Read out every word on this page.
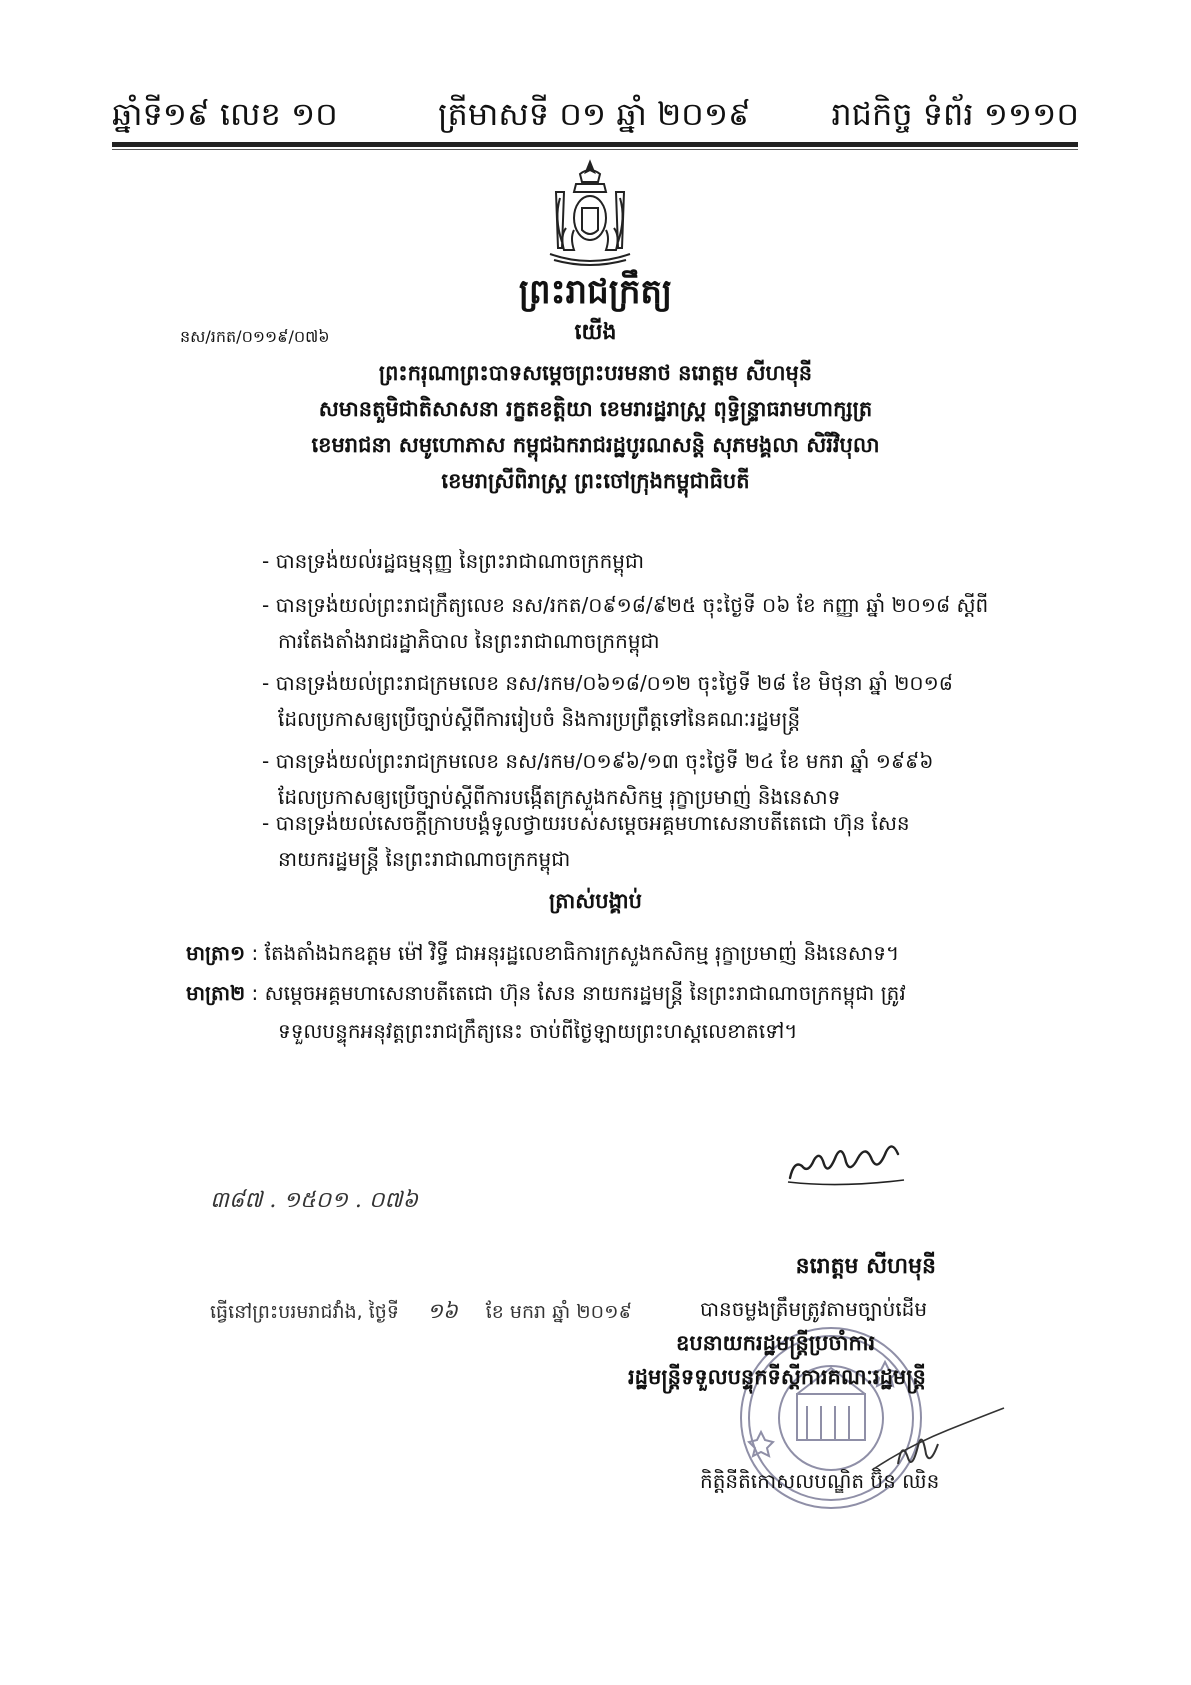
ឆ្នាំទី១៩ លេខ ១០	ត្រីមាសទី ០១ ឆ្នាំ ២០១៩	រាជកិច្ច ទំព័រ ១១១០
ព្រះរាជក្រឹត្យ
នស/រកត/០១១៩/០៧៦	យើង
ព្រះករុណាព្រះបាទសម្តេចព្រះបរមនាថ នរោត្តម សីហមុនី
សមានតួមិជាតិសាសនា រក្ខតខត្តិយា ខេមរារដ្ឋរាស្ត្រ ពុទ្ធិន្ទ្រាធរាមហាក្សត្រ
ខេមរាជនា សមូហោភាស កម្ពុជឯករាជរដ្ឋបូរណសន្តិ សុភមង្គលា សិរីវិបុលា
ខេមរាស្រីពិរាស្ត្រ ព្រះចៅក្រុងកម្ពុជាធិបតី
- បានទ្រង់យល់រដ្ឋធម្មនុញ្ញ នៃព្រះរាជាណាចក្រកម្ពុជា
- បានទ្រង់យល់ព្រះរាជក្រឹត្យលេខ នស/រកត/០៩១៨/៩២៥ ចុះថ្ងៃទី ០៦ ខែ កញ្ញា ឆ្នាំ ២០១៨ ស្តីពី
ការតែងតាំងរាជរដ្ឋាភិបាល នៃព្រះរាជាណាចក្រកម្ពុជា
- បានទ្រង់យល់ព្រះរាជក្រមលេខ នស/រកម/០៦១៨/០១២ ចុះថ្ងៃទី ២៨ ខែ មិថុនា ឆ្នាំ ២០១៨
ដែលប្រកាសឲ្យប្រើច្បាប់ស្តីពីការរៀបចំ និងការប្រព្រឹត្តទៅនៃគណៈរដ្ឋមន្ត្រី
- បានទ្រង់យល់ព្រះរាជក្រមលេខ នស/រកម/០១៩៦/១៣ ចុះថ្ងៃទី ២៤ ខែ មករា ឆ្នាំ ១៩៩៦
ដែលប្រកាសឲ្យប្រើច្បាប់ស្តីពីការបង្កើតក្រសួងកសិកម្ម រុក្ខាប្រមាញ់ និងនេសាទ
- បានទ្រង់យល់សេចក្តីក្រាបបង្គំទូលថ្វាយរបស់សម្តេចអគ្គមហាសេនាបតីតេជោ ហ៊ុន សែន
នាយករដ្ឋមន្ត្រី នៃព្រះរាជាណាចក្រកម្ពុជា
ត្រាស់បង្គាប់
មាត្រា១ : តែងតាំងឯកឧត្តម ម៉ៅ វិទ្ធី ជាអនុរដ្ឋលេខាធិការក្រសួងកសិកម្ម រុក្ខាប្រមាញ់ និងនេសាទ។
មាត្រា២ : សម្តេចអគ្គមហាសេនាបតីតេជោ ហ៊ុន សែន នាយករដ្ឋមន្ត្រី នៃព្រះរាជាណាចក្រកម្ពុជា ត្រូវ
ទទួលបន្ទុកអនុវត្តព្រះរាជក្រឹត្យនេះ ចាប់ពីថ្ងៃឡាយព្រះហស្តលេខាតទៅ។
៣៨៧ . ១៥០១ . ០៧៦
នរោត្តម សីហមុនី
ធ្វើនៅព្រះបរមរាជវាំង, ថ្ងៃទី ១៦ ខែ មករា ឆ្នាំ ២០១៩	បានចម្លងត្រឹមត្រូវតាមច្បាប់ដើម
ឧបនាយករដ្ឋមន្ត្រីប្រចាំការ
រដ្ឋមន្ត្រីទទួលបន្ទុកទីស្តីការគណៈរដ្ឋមន្ត្រី
កិត្តិនីតិកោសលបណ្ឌិត ប៊ិន ឈិន
